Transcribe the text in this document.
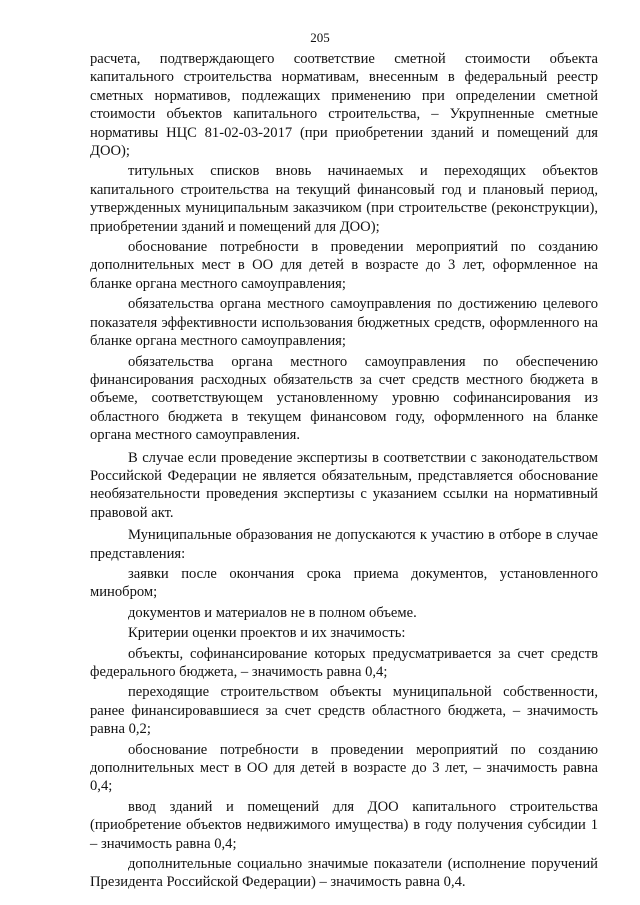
205

расчета, подтверждающего соответствие сметной стоимости объекта капитального строительства нормативам, внесенным в федеральный реестр сметных нормативов, подлежащих применению при определении сметной стоимости объектов капитального строительства, – Укрупненные сметные нормативы НЦС 81-02-03-2017 (при приобретении зданий и помещений для ДОО);

титульных списков вновь начинаемых и переходящих объектов капитального строительства на текущий финансовый год и плановый период, утвержденных муниципальным заказчиком (при строительстве (реконструкции), приобретении зданий и помещений для ДОО);

обоснование потребности в проведении мероприятий по созданию дополнительных мест в ОО для детей в возрасте до 3 лет, оформленное на бланке органа местного самоуправления;

обязательства органа местного самоуправления по достижению целевого показателя эффективности использования бюджетных средств, оформленного на бланке органа местного самоуправления;

обязательства органа местного самоуправления по обеспечению финансирования расходных обязательств за счет средств местного бюджета в объеме, соответствующем установленному уровню софинансирования из областного бюджета в текущем финансовом году, оформленного на бланке органа местного самоуправления.

В случае если проведение экспертизы в соответствии с законодательством Российской Федерации не является обязательным, представляется обоснование необязательности проведения экспертизы с указанием ссылки на нормативный правовой акт.

Муниципальные образования не допускаются к участию в отборе в случае представления:

заявки после окончания срока приема документов, установленного минобром;

документов и материалов не в полном объеме.

Критерии оценки проектов и их значимость:

объекты, софинансирование которых предусматривается за счет средств федерального бюджета, – значимость равна 0,4;

переходящие строительством объекты муниципальной собственности, ранее финансировавшиеся за счет средств областного бюджета, – значимость равна 0,2;

обоснование потребности в проведении мероприятий по созданию дополнительных мест в ОО для детей в возрасте до 3 лет, – значимость равна 0,4;

ввод зданий и помещений для ДОО капитального строительства (приобретение объектов недвижимого имущества) в году получения субсидии 1 – значимость равна 0,4;

дополнительные социально значимые показатели (исполнение поручений Президента Российской Федерации) – значимость равна 0,4.
